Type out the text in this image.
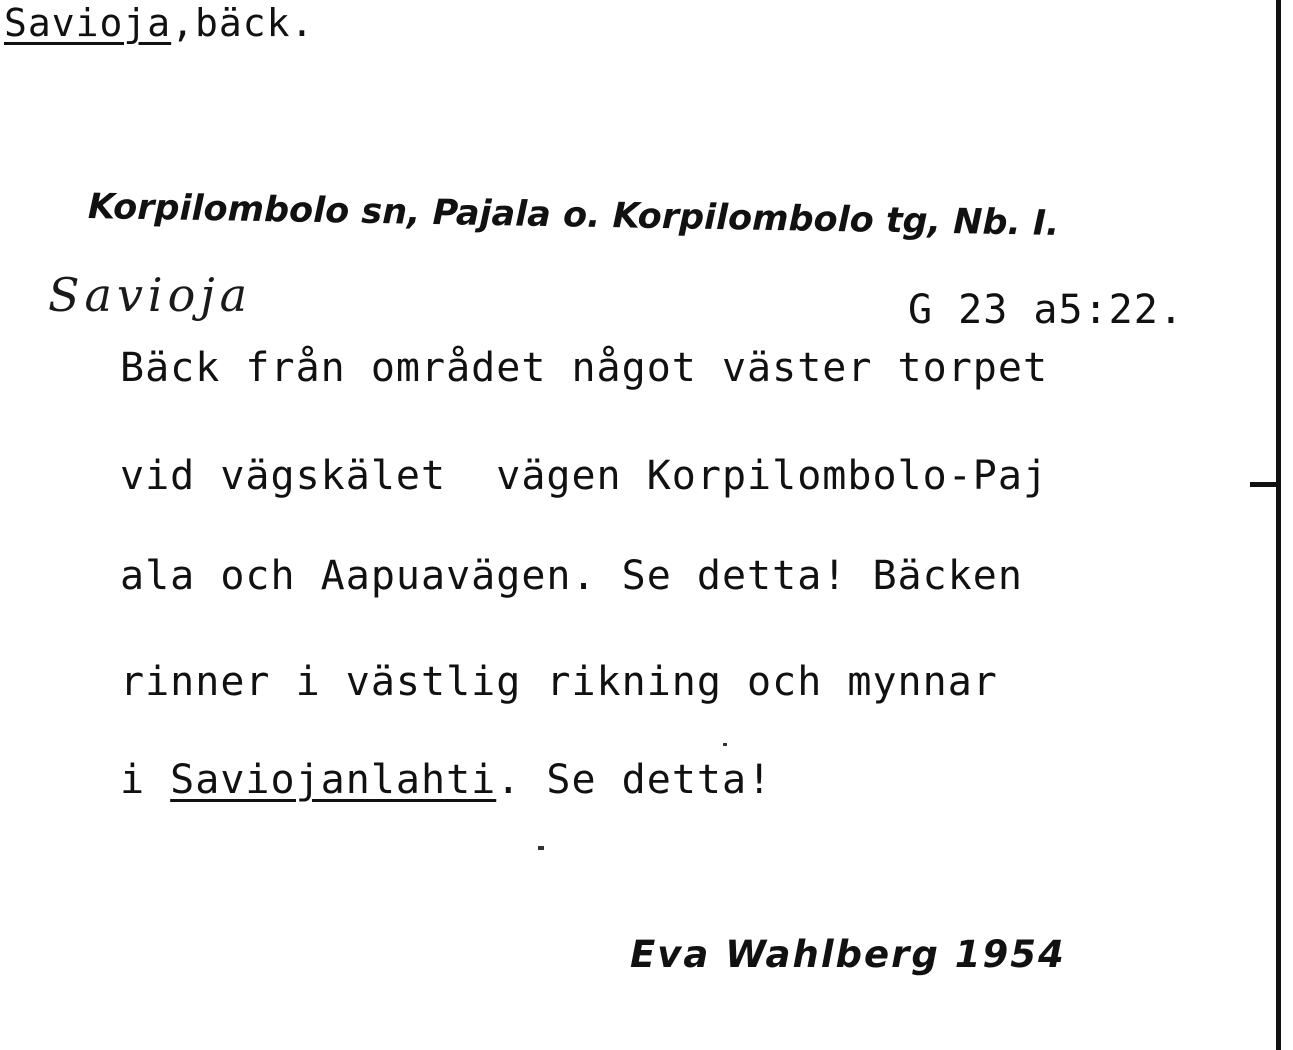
Savioja,bäck.
Korpilombolo sn, Pajala o. Korpilombolo tg, Nb. I.
Savioja	G 23 a5:22.
Bäck från området något väster torpet
vid vägskälet  vägen Korpilombolo-Paj
ala och Aapuavägen. Se detta! Bäcken
rinner i västlig rikning och mynnar
i Saviojanlahti. Se detta!
Eva Wahlberg 1954
